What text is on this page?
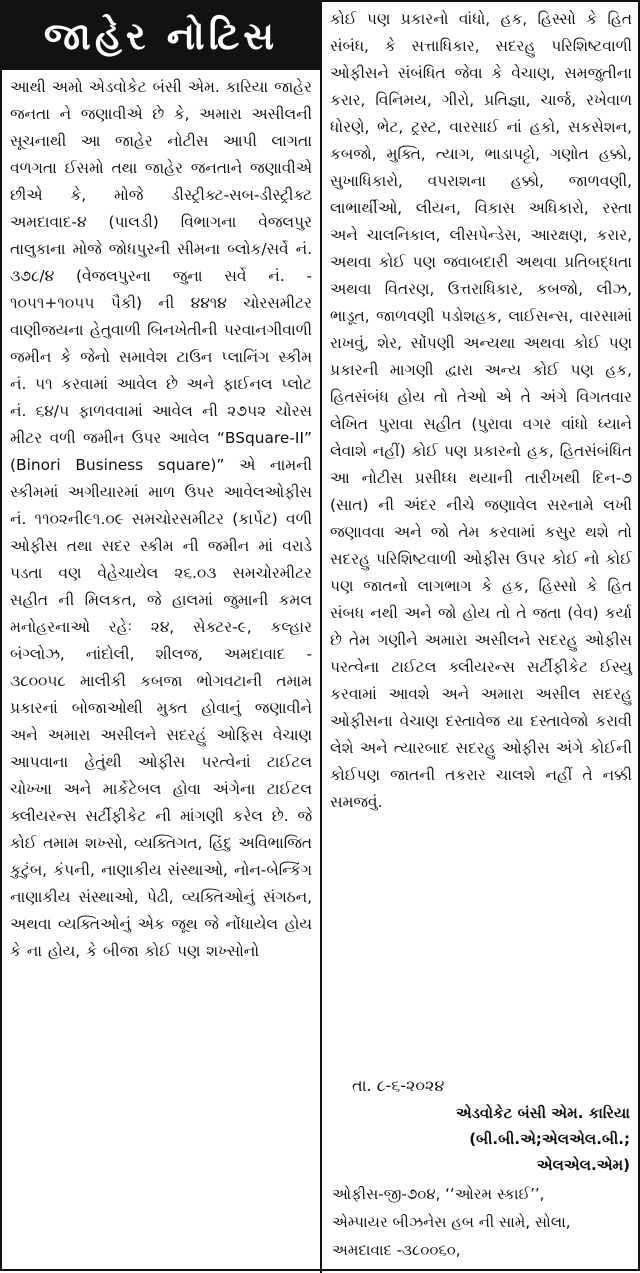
જાહેર નોટિસ
આથી અમો એડવોકેટ બંસી એમ. કારિયા જાહેર જનતા ને જણાવીએ છે કે, અમારા અસીલની સૂચનાથી આ જાહેર નોટીસ આપી લાગતા વળગતા ઈસમો તથા જાહેર જનતાને જણાવીએ છીએ કે, મોજે ડીસ્ટ્રીક્ટ-સબ-ડીસ્ટ્રીક્ટ અમદાવાદ-૪ (પાલડી) વિભાગના વેજલપુર તાલુકાના મોજે જોધપુરની સીમના બ્લોક/સર્વે નં. ૩૭૮/૪ (વેજલપુરના જુના સર્વે નં. - ૧૦૫૧+૧૦૫૫ પૈકી) ની ૪૪૧૪ ચોરસમીટર વાણીજયના હેતુવાળી બિનખેતીની પરવાનગીવાળી જમીન કે જેનો સમાવેશ ટાઉન પ્લાનિંગ સ્કીમ નં. ૫૧ કરવામાં આવેલ છે અને ફાઈનલ પ્લોટ નં. ૬૪/૫ ફાળવવામાં આવેલ ની ૨૭૫૨ ચોરસ મીટર વળી જમીન ઉપર આવેલ “BSquare-II” (Binori Business square)” એ નામની સ્કીમમાં અગીયારમાં માળ ઉપર આવેલઓફીસ નં. ૧૧૦૨ની૯૧.૦૯ સમચોરસમીટર (કાર્પેટ) વળી ઓફીસ તથા સદર સ્કીમ ની જમીન માં વરાડે પડતા વણ વેહેચાયેલ ૨૬.૦૩ સમચોરમીટર સહીત ની મિલકત, જે હાલમાં જુમાની કમલ મનોહરનાઓ રહેઃ ૨૪, સેક્ટર-૯, કલ્હાર બંગ્લોઝ, નાંદોલી, શીલજ, અમદાવાદ - ૩૮૦૦૫૮ માલીકી કબજા ભોગવટાની તમામ પ્રકારનાં બોજાઓથી મુક્ત હોવાનું જણાવીને અને અમારા અસીલને સદરહું ઓફિસ વેચાણ આપવાના હેતુંથી ઓફીસ પરત્વેનાં ટાઈટલ ચોખ્ખા અને માર્કેટેબલ હોવા અંગેના ટાઈટલ ક્લીયરન્સ સર્ટીફીકેટ ની માંગણી કરેલ છે. જે કોઈ તમામ શખ્સો, વ્યક્તિગત, હિંદુ અવિભાજિત કુટુંબ, કંપની, નાણાકીય સંસ્થાઓ, નોન-બેન્કિંગ નાણાકીય સંસ્થાઓ, પેઢી, વ્યક્તિઓનું સંગઠન, અથવા વ્યક્તિઓનું એક જૂથ જે નોંધાયેલ હોય કે ના હોય, કે બીજા કોઈ પણ શખ્સોનો
કોઈ પણ પ્રકારનો વાંધો, હક, હિસ્સો કે હિત સંબંધ, કે સત્તાધિકાર, સદરહુ પરિશિષ્ટવાળી ઓફીસને સંબંધિત જેવા કે વેચાણ, સમજુતીના કરાર, વિનિમય, ગીરો, પ્રતિજ્ઞા, ચાર્જ, રખેવાળ ધોરણે, ભેટ, ટ્રસ્ટ, વારસાઈ નાં હકો, સકસેશન, કબજો, મુક્તિ, ત્યાગ, ભાડાપટ્ટો, ગણોત હક્કો, સુખાધિકારો, વપરાશના હક્કો, જાળવણી, લાભાર્થીઓ, લીયન, વિકાસ અધિકારો, રસ્તા અને ચાલનિકાલ, લીસપેન્ડેસ, આરક્ષણ, કરાર, અથવા કોઈ પણ જવાબદારી અથવા પ્રતિબદ્ધતા અથવા વિતરણ, ઉત્તરાધિકાર, કબજો, લીઝ, ભાડૂત, જાળવણી પડોશહક, લાઈસન્સ, વારસામાં રાખવું, શેર, સોંપણી અન્યથા અથવા કોઈ પણ પ્રકારની માગણી દ્વારા અન્ય કોઈ પણ હક, હિતસંબંધ હોય તો તેઓ એ તે અંગે વિગતવાર લેખિત પુરાવા સહીત (પુરાવા વગર વાંધો ધ્યાને લેવાશે નહીં) કોઈ પણ પ્રકારનો હક, હિતસંબંધિત આ નોટીસ પ્રસીધ્ધ થયાની તારીખથી દિન-૭ (સાત) ની અંદર નીચે જણાવેલ સરનામે લખી જણાવવા અને જો તેમ કરવામાં કસુર થશે તો સદરહુ પરિશિષ્ટવાળી ઓફીસ ઉપર કોઈ નો કોઈ પણ જાતનો લાગભાગ કે હક, હિસ્સો કે હિત સંબધ નથી અને જો હોય તો તે જતા (વેવ) કર્યા છે તેમ ગણીને અમારા અસીલને સદરહુ ઓફીસ પરત્વેના ટાઈટલ ક્લીયરન્સ સર્ટીફીકેટ ઈસ્યુ કરવામાં આવશે અને અમારા અસીલ સદરહુ ઓફીસના વેચાણ દસ્તાવેજ યા દસ્તાવેજો કરાવી લેશે અને ત્યારબાદ સદરહુ ઓફીસ અંગે કોઈની કોઈપણ જાતની તકરાર ચાલશે નહીં તે નક્કી સમજવું.
તા. ૮-૬-૨૦૨૪
એડવોકેટ બંસી એમ. કારિયા
(બી.બી.એ;એલએલ.બી.;
એલએલ.એમ)
ઓફીસ-જી-૭૦૪, ‘‘ઓરમ સ્કાઈ’’,
એમ્પાયર બીઝનેસ હબ ની સામે, સોલા,
અમદાવાદ -૩૮૦૦૬૦,
